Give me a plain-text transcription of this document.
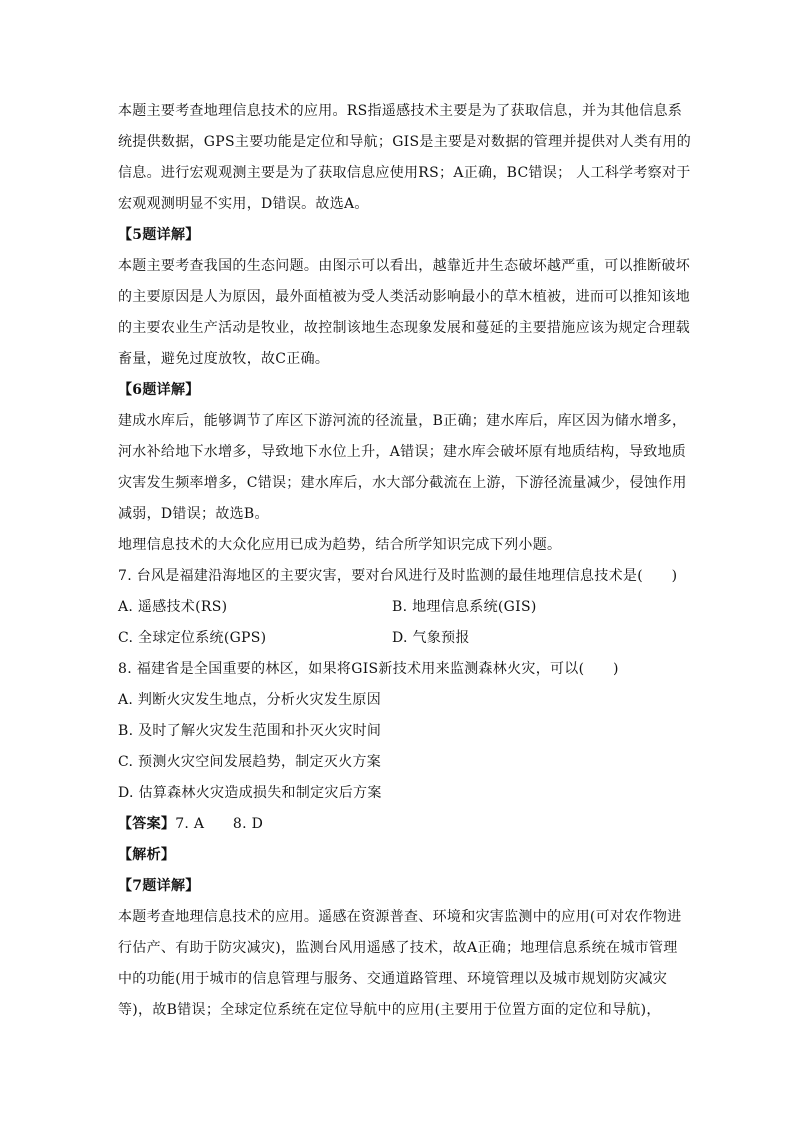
本题主要考查地理信息技术的应用。RS指遥感技术主要是为了获取信息，并为其他信息系
统提供数据，GPS主要功能是定位和导航；GIS是主要是对数据的管理并提供对人类有用的
信息。进行宏观观测主要是为了获取信息应使用RS；A正确，BC错误； 人工科学考察对于
宏观观测明显不实用，D错误。故选A。
【5题详解】
本题主要考查我国的生态问题。由图示可以看出，越靠近井生态破坏越严重，可以推断破坏
的主要原因是人为原因，最外面植被为受人类活动影响最小的草木植被，进而可以推知该地
的主要农业生产活动是牧业，故控制该地生态现象发展和蔓延的主要措施应该为规定合理载
畜量，避免过度放牧，故C正确。
【6题详解】
建成水库后，能够调节了库区下游河流的径流量，B正确；建水库后，库区因为储水增多，
河水补给地下水增多，导致地下水位上升，A错误；建水库会破坏原有地质结构，导致地质
灾害发生频率增多，C错误；建水库后，水大部分截流在上游，下游径流量减少，侵蚀作用
减弱，D错误；故选B。
地理信息技术的大众化应用已成为趋势，结合所学知识完成下列小题。
7. 台风是福建沿海地区的主要灾害，要对台风进行及时监测的最佳地理信息技术是(　　)
A. 遥感技术(RS)	B. 地理信息系统(GIS)
C. 全球定位系统(GPS)	D. 气象预报
8. 福建省是全国重要的林区，如果将GIS新技术用来监测森林火灾，可以(　　)
A. 判断火灾发生地点，分析火灾发生原因
B. 及时了解火灾发生范围和扑灭火灾时间
C. 预测火灾空间发展趋势，制定灭火方案
D. 估算森林火灾造成损失和制定灾后方案
【答案】7. A　　8. D
【解析】
【7题详解】
本题考查地理信息技术的应用。遥感在资源普查、环境和灾害监测中的应用(可对农作物进
行估产、有助于防灾减灾)，监测台风用遥感了技术，故A正确；地理信息系统在城市管理
中的功能(用于城市的信息管理与服务、交通道路管理、环境管理以及城市规划防灾减灾
等)，故B错误；全球定位系统在定位导航中的应用(主要用于位置方面的定位和导航)，
